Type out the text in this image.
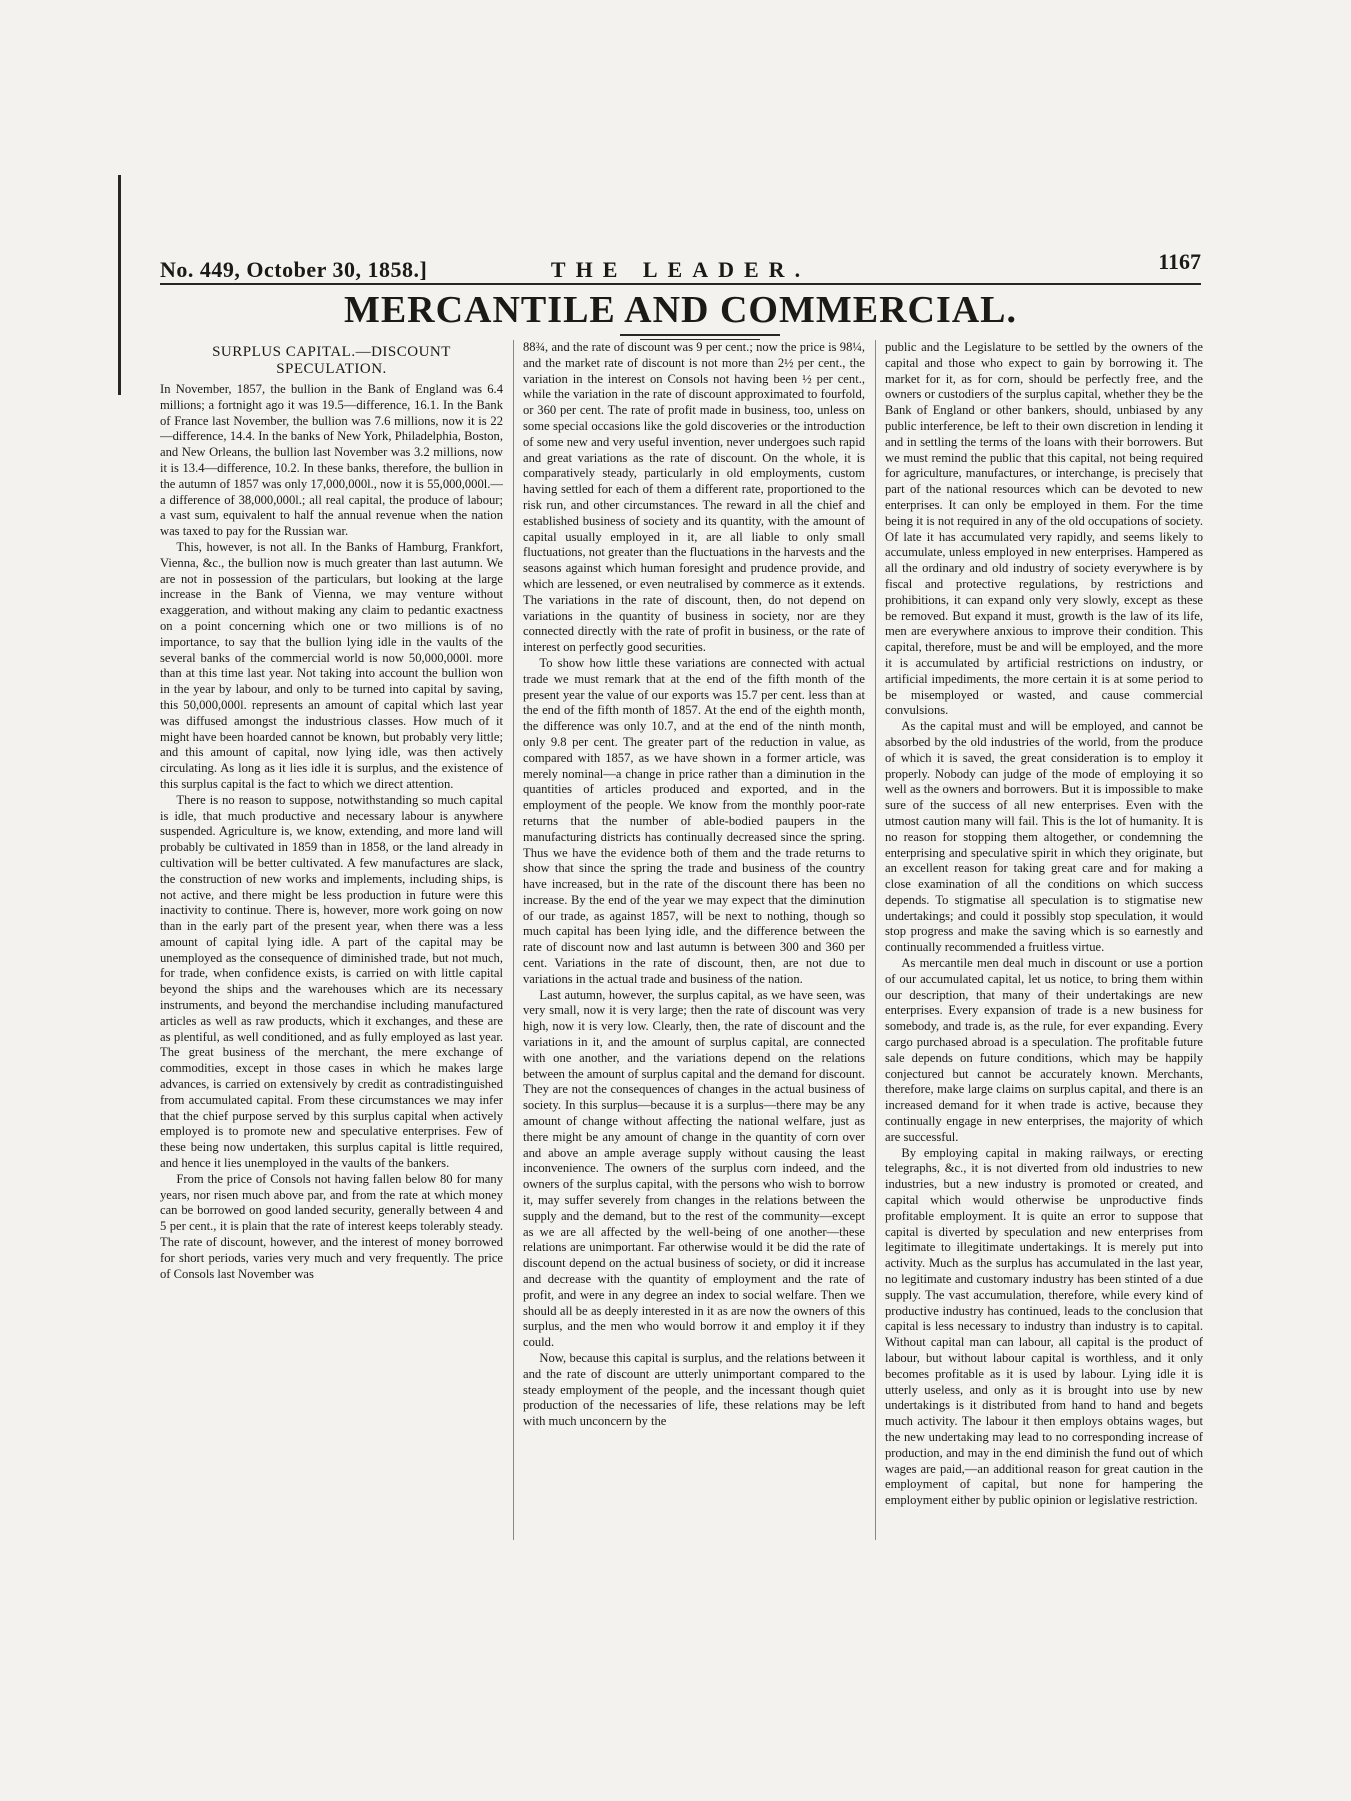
No. 449, October 30, 1858.]	THE LEADER.	1167
MERCANTILE AND COMMERCIAL.
SURPLUS CAPITAL.—DISCOUNT SPECULATION.

In November, 1857, the bullion in the Bank of England was 6.4 millions; a fortnight ago it was 19.5—difference, 16.1. In the Bank of France last November, the bullion was 7.6 millions, now it is 22—difference, 14.4. In the banks of New York, Philadelphia, Boston, and New Orleans, the bullion last November was 3.2 millions, now it is 13.4—difference, 10.2. In these banks, therefore, the bullion in the autumn of 1857 was only 17,000,000l., now it is 55,000,000l.—a difference of 38,000,000l.; all real capital, the produce of labour; a vast sum, equivalent to half the annual revenue when the nation was taxed to pay for the Russian war.

This, however, is not all. In the Banks of Hamburg, Frankfort, Vienna, &c., the bullion now is much greater than last autumn. We are not in possession of the particulars, but looking at the large increase in the Bank of Vienna, we may venture without exaggeration, and without making any claim to pedantic exactness on a point concerning which one or two millions is of no importance, to say that the bullion lying idle in the vaults of the several banks of the commercial world is now 50,000,000l. more than at this time last year. Not taking into account the bullion won in the year by labour, and only to be turned into capital by saving, this 50,000,000l. represents an amount of capital which last year was diffused amongst the industrious classes. How much of it might have been hoarded cannot be known, but probably very little; and this amount of capital, now lying idle, was then actively circulating. As long as it lies idle it is surplus, and the existence of this surplus capital is the fact to which we direct attention.

There is no reason to suppose, notwithstanding so much capital is idle, that much productive and necessary labour is anywhere suspended. Agriculture is, we know, extending, and more land will probably be cultivated in 1859 than in 1858, or the land already in cultivation will be better cultivated. A few manufactures are slack, the construction of new works and implements, including ships, is not active, and there might be less production in future were this inactivity to continue. There is, however, more work going on now than in the early part of the present year, when there was a less amount of capital lying idle. A part of the capital may be unemployed as the consequence of diminished trade, but not much, for trade, when confidence exists, is carried on with little capital beyond the ships and the warehouses which are its necessary instruments, and beyond the merchandise including manufactured articles as well as raw products, which it exchanges, and these are as plentiful, as well conditioned, and as fully employed as last year. The great business of the merchant, the mere exchange of commodities, except in those cases in which he makes large advances, is carried on extensively by credit as contradistinguished from accumulated capital. From these circumstances we may infer that the chief purpose served by this surplus capital when actively employed is to promote new and speculative enterprises. Few of these being now undertaken, this surplus capital is little required, and hence it lies unemployed in the vaults of the bankers.

From the price of Consols not having fallen below 80 for many years, nor risen much above par, and from the rate at which money can be borrowed on good landed security, generally between 4 and 5 per cent., it is plain that the rate of interest keeps tolerably steady. The rate of discount, however, and the interest of money borrowed for short periods, varies very much and very frequently. The price of Consols last November was

88¾, and the rate of discount was 9 per cent.; now the price is 98¼, and the market rate of discount is not more than 2½ per cent., the variation in the interest on Consols not having been ½ per cent., while the variation in the rate of discount approximated to fourfold, or 360 per cent. The rate of profit made in business, too, unless on some special occasions like the gold discoveries or the introduction of some new and very useful invention, never undergoes such rapid and great variations as the rate of discount. On the whole, it is comparatively steady, particularly in old employments, custom having settled for each of them a different rate, proportioned to the risk run, and other circumstances. The reward in all the chief and established business of society and its quantity, with the amount of capital usually employed in it, are all liable to only small fluctuations, not greater than the fluctuations in the harvests and the seasons against which human foresight and prudence provide, and which are lessened, or even neutralised by commerce as it extends. The variations in the rate of discount, then, do not depend on variations in the quantity of business in society, nor are they connected directly with the rate of profit in business, or the rate of interest on perfectly good securities.

To show how little these variations are connected with actual trade we must remark that at the end of the fifth month of the present year the value of our exports was 15.7 per cent. less than at the end of the fifth month of 1857. At the end of the eighth month, the difference was only 10.7, and at the end of the ninth month, only 9.8 per cent. The greater part of the reduction in value, as compared with 1857, as we have shown in a former article, was merely nominal—a change in price rather than a diminution in the quantities of articles produced and exported, and in the employment of the people. We know from the monthly poor-rate returns that the number of able-bodied paupers in the manufacturing districts has continually decreased since the spring. Thus we have the evidence both of them and the trade returns to show that since the spring the trade and business of the country have increased, but in the rate of the discount there has been no increase. By the end of the year we may expect that the diminution of our trade, as against 1857, will be next to nothing, though so much capital has been lying idle, and the difference between the rate of discount now and last autumn is between 300 and 360 per cent. Variations in the rate of discount, then, are not due to variations in the actual trade and business of the nation.

Last autumn, however, the surplus capital, as we have seen, was very small, now it is very large; then the rate of discount was very high, now it is very low. Clearly, then, the rate of discount and the variations in it, and the amount of surplus capital, are connected with one another, and the variations depend on the relations between the amount of surplus capital and the demand for discount. They are not the consequences of changes in the actual business of society. In this surplus—because it is a surplus—there may be any amount of change without affecting the national welfare, just as there might be any amount of change in the quantity of corn over and above an ample average supply without causing the least inconvenience. The owners of the surplus corn indeed, and the owners of the surplus capital, with the persons who wish to borrow it, may suffer severely from changes in the relations between the supply and the demand, but to the rest of the community—except as we are all affected by the well-being of one another—these relations are unimportant. Far otherwise would it be did the rate of discount depend on the actual business of society, or did it increase and decrease with the quantity of employment and the rate of profit, and were in any degree an index to social welfare. Then we should all be as deeply interested in it as are now the owners of this surplus, and the men who would borrow it and employ it if they could.

Now, because this capital is surplus, and the relations between it and the rate of discount are utterly unimportant compared to the steady employment of the people, and the incessant though quiet production of the necessaries of life, these relations may be left with much unconcern by the

public and the Legislature to be settled by the owners of the capital and those who expect to gain by borrowing it. The market for it, as for corn, should be perfectly free, and the owners or custodiers of the surplus capital, whether they be the Bank of England or other bankers, should, unbiased by any public interference, be left to their own discretion in lending it and in settling the terms of the loans with their borrowers. But we must remind the public that this capital, not being required for agriculture, manufactures, or interchange, is precisely that part of the national resources which can be devoted to new enterprises. It can only be employed in them. For the time being it is not required in any of the old occupations of society. Of late it has accumulated very rapidly, and seems likely to accumulate, unless employed in new enterprises. Hampered as all the ordinary and old industry of society everywhere is by fiscal and protective regulations, by restrictions and prohibitions, it can expand only very slowly, except as these be removed. But expand it must, growth is the law of its life, men are everywhere anxious to improve their condition. This capital, therefore, must be and will be employed, and the more it is accumulated by artificial restrictions on industry, or artificial impediments, the more certain it is at some period to be misemployed or wasted, and cause commercial convulsions.

As the capital must and will be employed, and cannot be absorbed by the old industries of the world, from the produce of which it is saved, the great consideration is to employ it properly. Nobody can judge of the mode of employing it so well as the owners and borrowers. But it is impossible to make sure of the success of all new enterprises. Even with the utmost caution many will fail. This is the lot of humanity. It is no reason for stopping them altogether, or condemning the enterprising and speculative spirit in which they originate, but an excellent reason for taking great care and for making a close examination of all the conditions on which success depends. To stigmatise all speculation is to stigmatise new undertakings; and could it possibly stop speculation, it would stop progress and make the saving which is so earnestly and continually recommended a fruitless virtue.

As mercantile men deal much in discount or use a portion of our accumulated capital, let us notice, to bring them within our description, that many of their undertakings are new enterprises. Every expansion of trade is a new business for somebody, and trade is, as the rule, for ever expanding. Every cargo purchased abroad is a speculation. The profitable future sale depends on future conditions, which may be happily conjectured but cannot be accurately known. Merchants, therefore, make large claims on surplus capital, and there is an increased demand for it when trade is active, because they continually engage in new enterprises, the majority of which are successful.

By employing capital in making railways, or erecting telegraphs, &c., it is not diverted from old industries to new industries, but a new industry is promoted or created, and capital which would otherwise be unproductive finds profitable employment. It is quite an error to suppose that capital is diverted by speculation and new enterprises from legitimate to illegitimate undertakings. It is merely put into activity. Much as the surplus has accumulated in the last year, no legitimate and customary industry has been stinted of a due supply. The vast accumulation, therefore, while every kind of productive industry has continued, leads to the conclusion that capital is less necessary to industry than industry is to capital. Without capital man can labour, all capital is the product of labour, but without labour capital is worthless, and it only becomes profitable as it is used by labour. Lying idle it is utterly useless, and only as it is brought into use by new undertakings is it distributed from hand to hand and begets much activity. The labour it then employs obtains wages, but the new undertaking may lead to no corresponding increase of production, and may in the end diminish the fund out of which wages are paid,—an additional reason for great caution in the employment of capital, but none for hampering the employment either by public opinion or legislative restriction.
